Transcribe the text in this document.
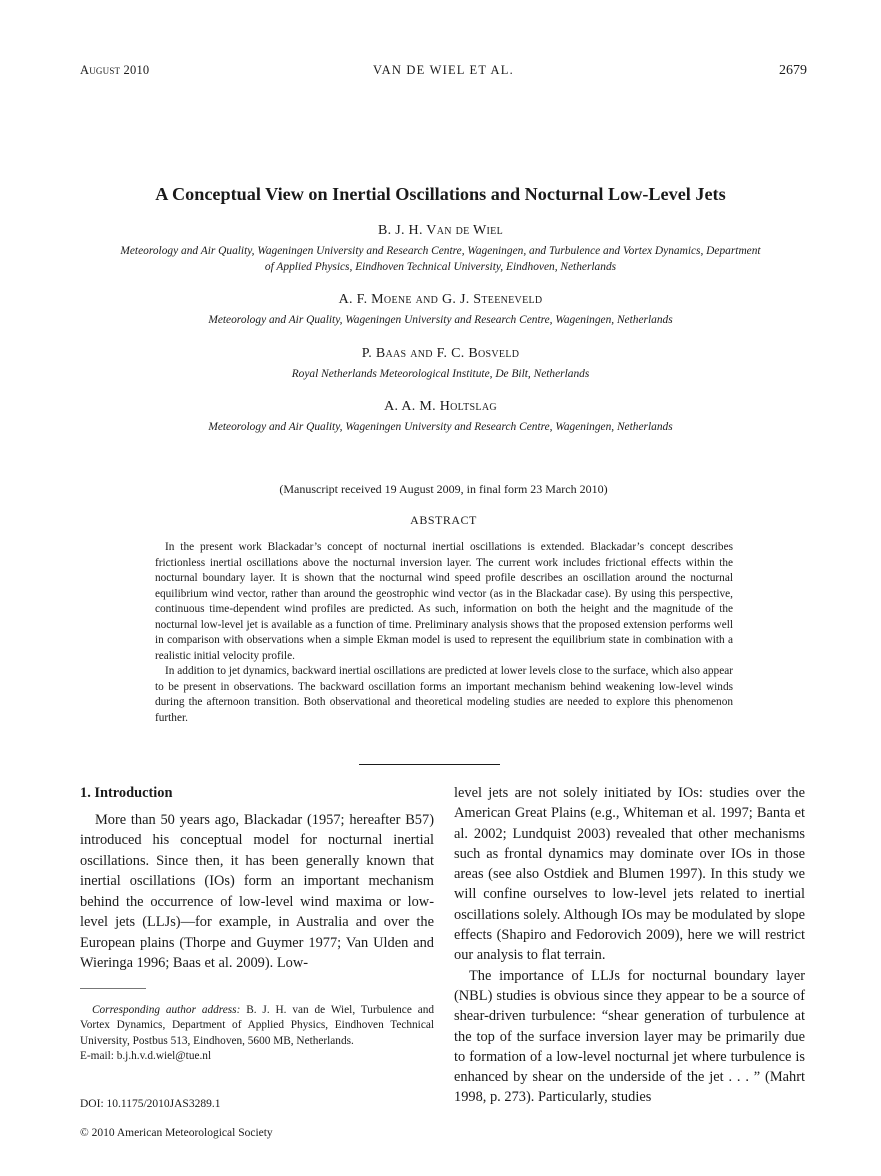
August 2010	VAN DE WIEL ET AL.	2679
A Conceptual View on Inertial Oscillations and Nocturnal Low-Level Jets
B. J. H. Van de Wiel
Meteorology and Air Quality, Wageningen University and Research Centre, Wageningen, and Turbulence and Vortex Dynamics, Department of Applied Physics, Eindhoven Technical University, Eindhoven, Netherlands
A. F. Moene and G. J. Steeneveld
Meteorology and Air Quality, Wageningen University and Research Centre, Wageningen, Netherlands
P. Baas and F. C. Bosveld
Royal Netherlands Meteorological Institute, De Bilt, Netherlands
A. A. M. Holtslag
Meteorology and Air Quality, Wageningen University and Research Centre, Wageningen, Netherlands
(Manuscript received 19 August 2009, in final form 23 March 2010)
ABSTRACT

In the present work Blackadar’s concept of nocturnal inertial oscillations is extended. Blackadar’s concept describes frictionless inertial oscillations above the nocturnal inversion layer. The current work includes frictional effects within the nocturnal boundary layer. It is shown that the nocturnal wind speed profile describes an oscillation around the nocturnal equilibrium wind vector, rather than around the geostrophic wind vector (as in the Blackadar case). By using this perspective, continuous time-dependent wind profiles are predicted. As such, information on both the height and the magnitude of the nocturnal low-level jet is available as a function of time. Preliminary analysis shows that the proposed extension performs well in comparison with observations when a simple Ekman model is used to represent the equilibrium state in combination with a realistic initial velocity profile.

In addition to jet dynamics, backward inertial oscillations are predicted at lower levels close to the surface, which also appear to be present in observations. The backward oscillation forms an important mechanism behind weakening low-level winds during the afternoon transition. Both observational and theoretical modeling studies are needed to explore this phenomenon further.

1. Introduction

More than 50 years ago, Blackadar (1957; hereafter B57) introduced his conceptual model for nocturnal inertial oscillations. Since then, it has been generally known that inertial oscillations (IOs) form an important mechanism behind the occurrence of low-level wind maxima or low-level jets (LLJs)—for example, in Australia and over the European plains (Thorpe and Guymer 1977; Van Ulden and Wieringa 1996; Baas et al. 2009). Low-

Corresponding author address: B. J. H. van de Wiel, Turbulence and Vortex Dynamics, Department of Applied Physics, Eindhoven Technical University, Postbus 513, Eindhoven, 5600 MB, Netherlands.

E-mail: b.j.h.v.d.wiel@tue.nl

DOI: 10.1175/2010JAS3289.1
© 2010 American Meteorological Society

level jets are not solely initiated by IOs: studies over the American Great Plains (e.g., Whiteman et al. 1997; Banta et al. 2002; Lundquist 2003) revealed that other mechanisms such as frontal dynamics may dominate over IOs in those areas (see also Ostdiek and Blumen 1997). In this study we will confine ourselves to low-level jets related to inertial oscillations solely. Although IOs may be modulated by slope effects (Shapiro and Fedorovich 2009), here we will restrict our analysis to flat terrain.

The importance of LLJs for nocturnal boundary layer (NBL) studies is obvious since they appear to be a source of shear-driven turbulence: “shear generation of turbulence at the top of the surface inversion layer may be primarily due to formation of a low-level nocturnal jet where turbulence is enhanced by shear on the underside of the jet . . . ” (Mahrt 1998, p. 273). Particularly, studies
